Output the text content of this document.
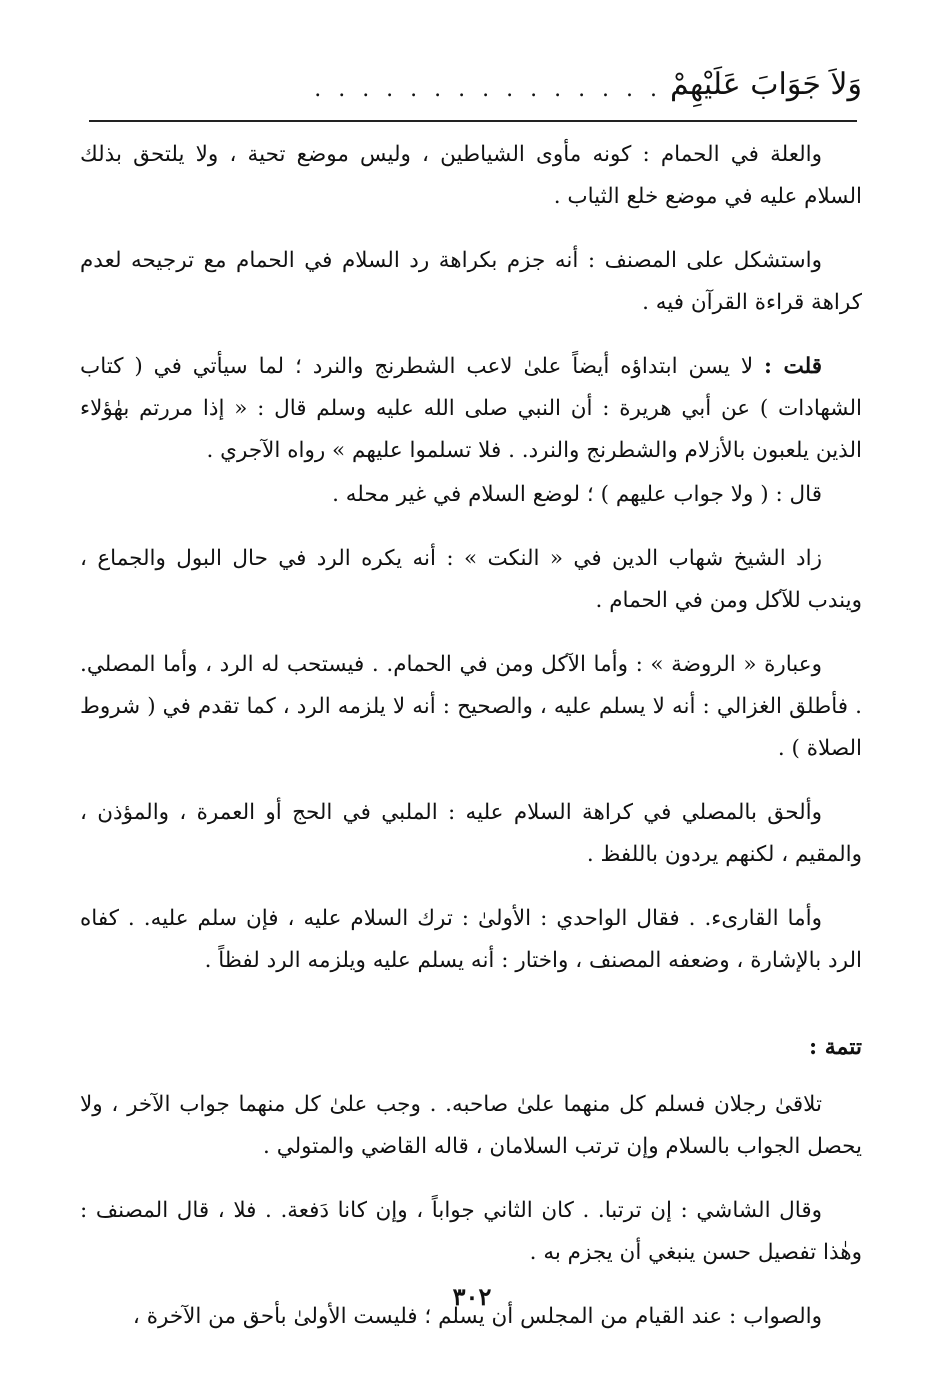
وَلاَ جَوَابَ عَلَيْهِمْ
. . . . . . . . . . . . . . .

والعلة في الحمام : كونه مأوى الشياطين ، وليس موضع تحية ، ولا يلتحق بذلك السلام عليه في موضع خلع الثياب .

واستشكل على المصنف : أنه جزم بكراهة رد السلام في الحمام مع ترجيحه لعدم كراهة قراءة القرآن فيه .

قلت : لا يسن ابتداؤه أيضاً علىٰ لاعب الشطرنج والنرد ؛ لما سيأتي في ( كتاب الشهادات ) عن أبي هريرة : أن النبي صلى الله عليه وسلم قال : « إذا مررتم بهٰؤلاء الذين يلعبون بالأزلام والشطرنج والنرد. . فلا تسلموا عليهم » رواه الآجري .

قال : ( ولا جواب عليهم ) ؛ لوضع السلام في غير محله .

زاد الشيخ شهاب الدين في « النكت » : أنه يكره الرد في حال البول والجماع ، ويندب للآكل ومن في الحمام .

وعبارة « الروضة » : وأما الآكل ومن في الحمام. . فيستحب له الرد ، وأما المصلي. . فأطلق الغزالي : أنه لا يسلم عليه ، والصحيح : أنه لا يلزمه الرد ، كما تقدم في ( شروط الصلاة ) .

وألحق بالمصلي في كراهة السلام عليه : الملبي في الحج أو العمرة ، والمؤذن ، والمقيم ، لكنهم يردون باللفظ .

وأما القارىء. . فقال الواحدي : الأولىٰ : ترك السلام عليه ، فإن سلم عليه. . كفاه الرد بالإشارة ، وضعفه المصنف ، واختار : أنه يسلم عليه ويلزمه الرد لفظاً .

تتمة :

تلاقىٰ رجلان فسلم كل منهما علىٰ صاحبه. . وجب علىٰ كل منهما جواب الآخر ، ولا يحصل الجواب بالسلام وإن ترتب السلامان ، قاله القاضي والمتولي .

وقال الشاشي : إن ترتبا. . كان الثاني جواباً ، وإن كانا دَفعة. . فلا ، قال المصنف : وهٰذا تفصيل حسن ينبغي أن يجزم به .

والصواب : عند القيام من المجلس أن يسلم ؛ فليست الأولىٰ بأحق من الآخرة ،

٣٠٢
